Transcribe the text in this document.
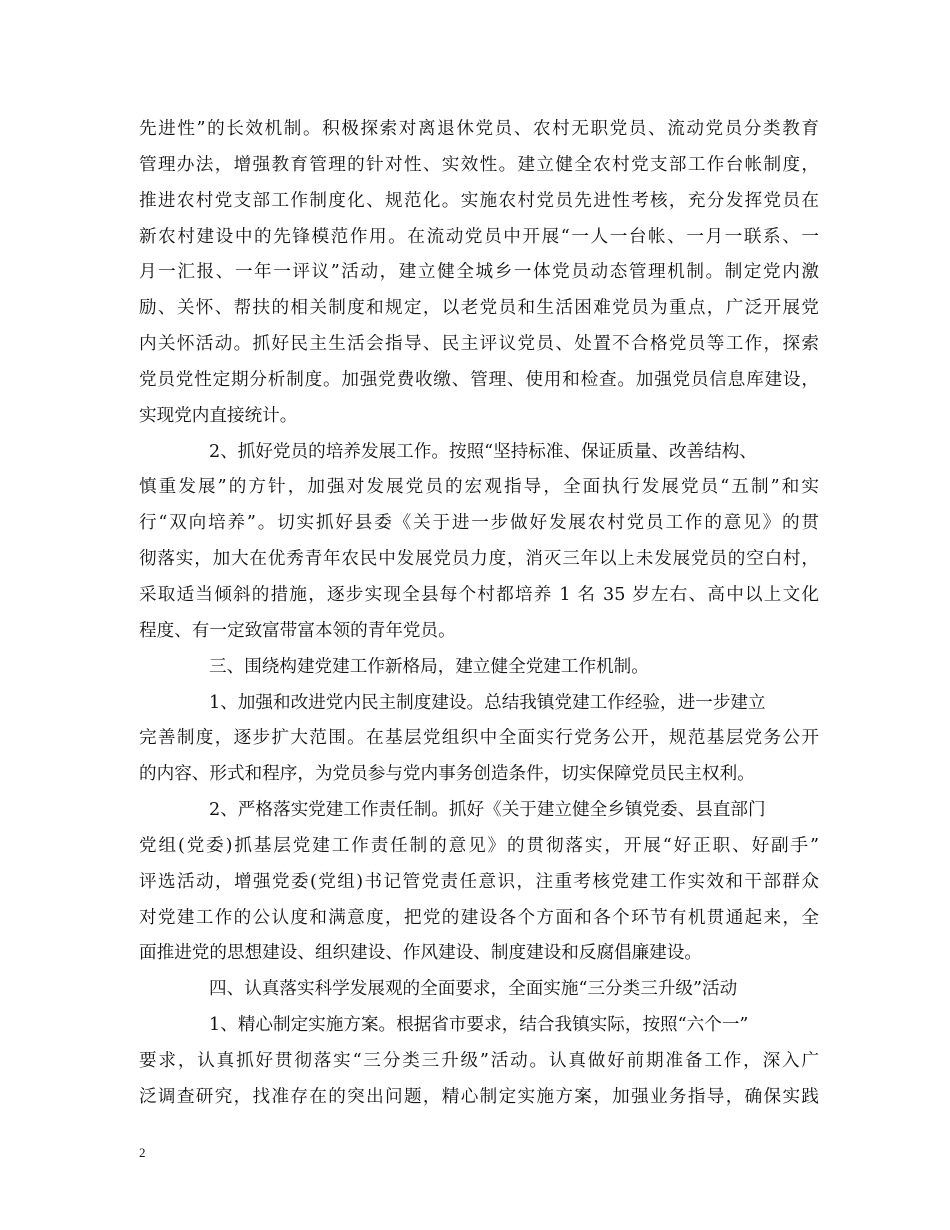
先进性”的长效机制。积极探索对离退休党员、农村无职党员、流动党员分类教育
管理办法，增强教育管理的针对性、实效性。建立健全农村党支部工作台帐制度，
推进农村党支部工作制度化、规范化。实施农村党员先进性考核，充分发挥党员在
新农村建设中的先锋模范作用。在流动党员中开展“一人一台帐、一月一联系、一
月一汇报、一年一评议”活动，建立健全城乡一体党员动态管理机制。制定党内激
励、关怀、帮扶的相关制度和规定，以老党员和生活困难党员为重点，广泛开展党
内关怀活动。抓好民主生活会指导、民主评议党员、处置不合格党员等工作，探索
党员党性定期分析制度。加强党费收缴、管理、使用和检查。加强党员信息库建设，
实现党内直接统计。
2、抓好党员的培养发展工作。按照“坚持标准、保证质量、改善结构、
慎重发展”的方针，加强对发展党员的宏观指导，全面执行发展党员“五制”和实
行“双向培养”。切实抓好县委《关于进一步做好发展农村党员工作的意见》的贯
彻落实，加大在优秀青年农民中发展党员力度，消灭三年以上未发展党员的空白村，
采取适当倾斜的措施，逐步实现全县每个村都培养 1 名 35 岁左右、高中以上文化
程度、有一定致富带富本领的青年党员。
三、围绕构建党建工作新格局，建立健全党建工作机制。
1、加强和改进党内民主制度建设。总结我镇党建工作经验，进一步建立
完善制度，逐步扩大范围。在基层党组织中全面实行党务公开，规范基层党务公开
的内容、形式和程序，为党员参与党内事务创造条件，切实保障党员民主权利。
2、严格落实党建工作责任制。抓好《关于建立健全乡镇党委、县直部门
党组(党委)抓基层党建工作责任制的意见》的贯彻落实，开展“好正职、好副手”
评选活动，增强党委(党组)书记管党责任意识，注重考核党建工作实效和干部群众
对党建工作的公认度和满意度，把党的建设各个方面和各个环节有机贯通起来，全
面推进党的思想建设、组织建设、作风建设、制度建设和反腐倡廉建设。
四、认真落实科学发展观的全面要求，全面实施“三分类三升级”活动
1、精心制定实施方案。根据省市要求，结合我镇实际，按照“六个一”
要求，认真抓好贯彻落实“三分类三升级”活动。认真做好前期准备工作，深入广
泛调查研究，找准存在的突出问题，精心制定实施方案，加强业务指导，确保实践
2
